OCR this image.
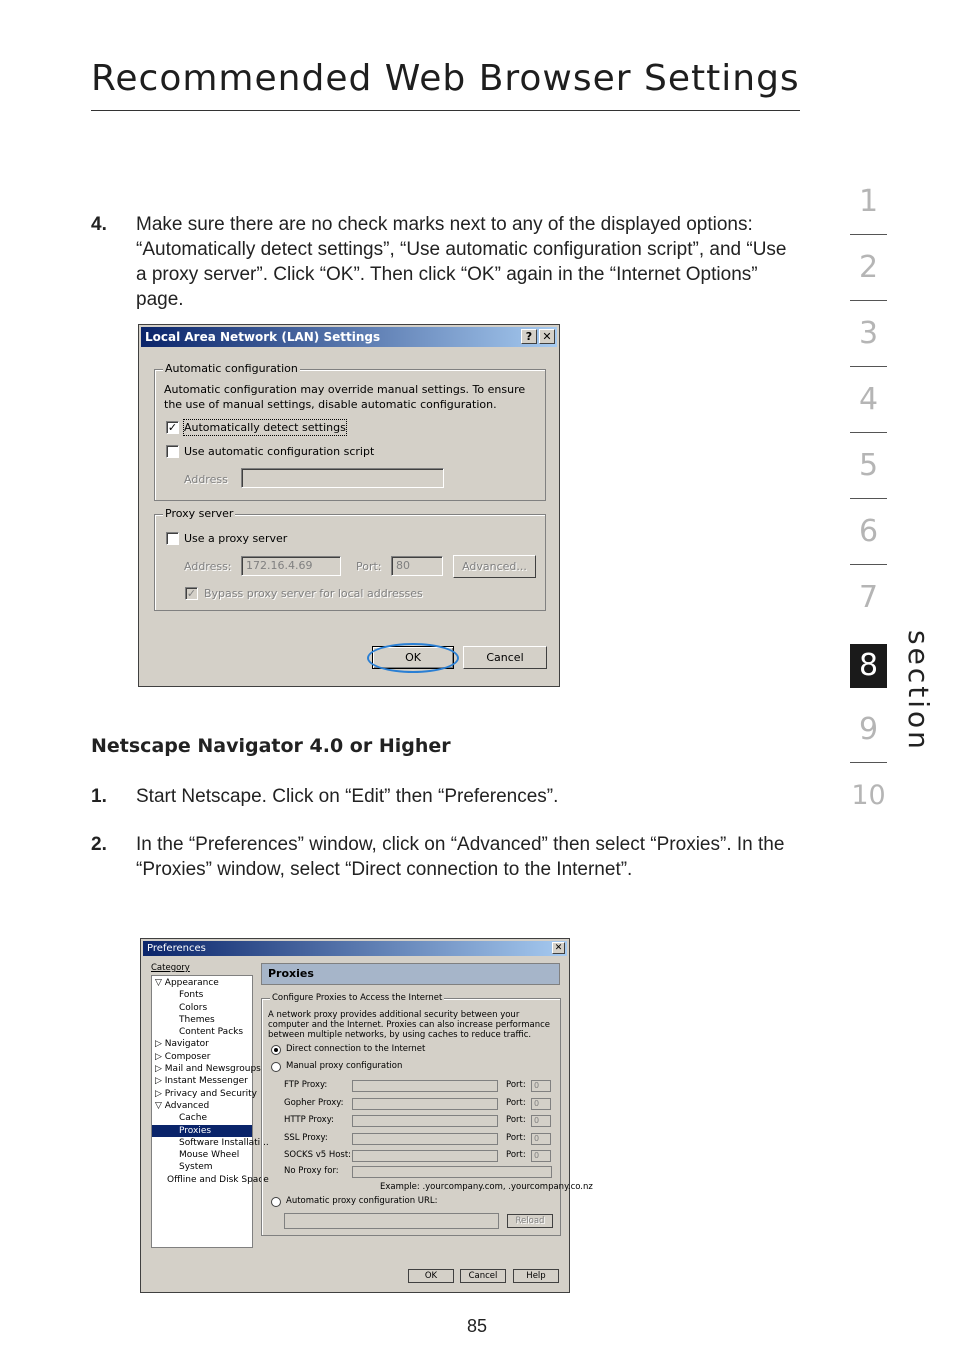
Recommended Web Browser Settings
4. Make sure there are no check marks next to any of the displayed options: “Automatically detect settings”, “Use automatic configuration script”, and “Use a proxy server”. Click “OK”. Then click “OK” again in the “Internet Options” page.
Local Area Network (LAN) Settings	? ✕
Automatic configuration
Automatic configuration may override manual settings. To ensure the use of manual settings, disable automatic configuration.
✓ Automatically detect settings
Use automatic configuration script
Address
Proxy server
Use a proxy server
Address:	172.16.4.69	Port:	80	Advanced...
✓ Bypass proxy server for local addresses
OK	Cancel
Netscape Navigator 4.0 or Higher
1. Start Netscape. Click on “Edit” then “Preferences”.
2. In the “Preferences” window, click on “Advanced” then select “Proxies”. In the “Proxies” window, select “Direct connection to the Internet”.
Preferences	✕
Category
▽ Appearance
Fonts
Colors
Themes
Content Packs
▷ Navigator
▷ Composer
▷ Mail and Newsgroups
▷ Instant Messenger
▷ Privacy and Security
▽ Advanced
Cache
Proxies
Software Installati...
Mouse Wheel
System
Offline and Disk Space
Proxies
Configure Proxies to Access the Internet
A network proxy provides additional security between your computer and the Internet. Proxies can also increase performance between multiple networks, by using caches to reduce traffic.
Direct connection to the Internet
Manual proxy configuration
FTP Proxy:	Port:	0
Gopher Proxy:	Port:	0
HTTP Proxy:	Port:	0
SSL Proxy:	Port:	0
SOCKS v5 Host:	Port:	0
No Proxy for:
Example: .yourcompany.com, .yourcompany.co.nz
Automatic proxy configuration URL:
Reload
OK	Cancel	Help
1
2
3
4
5
6
7
8
9
10
section
85
